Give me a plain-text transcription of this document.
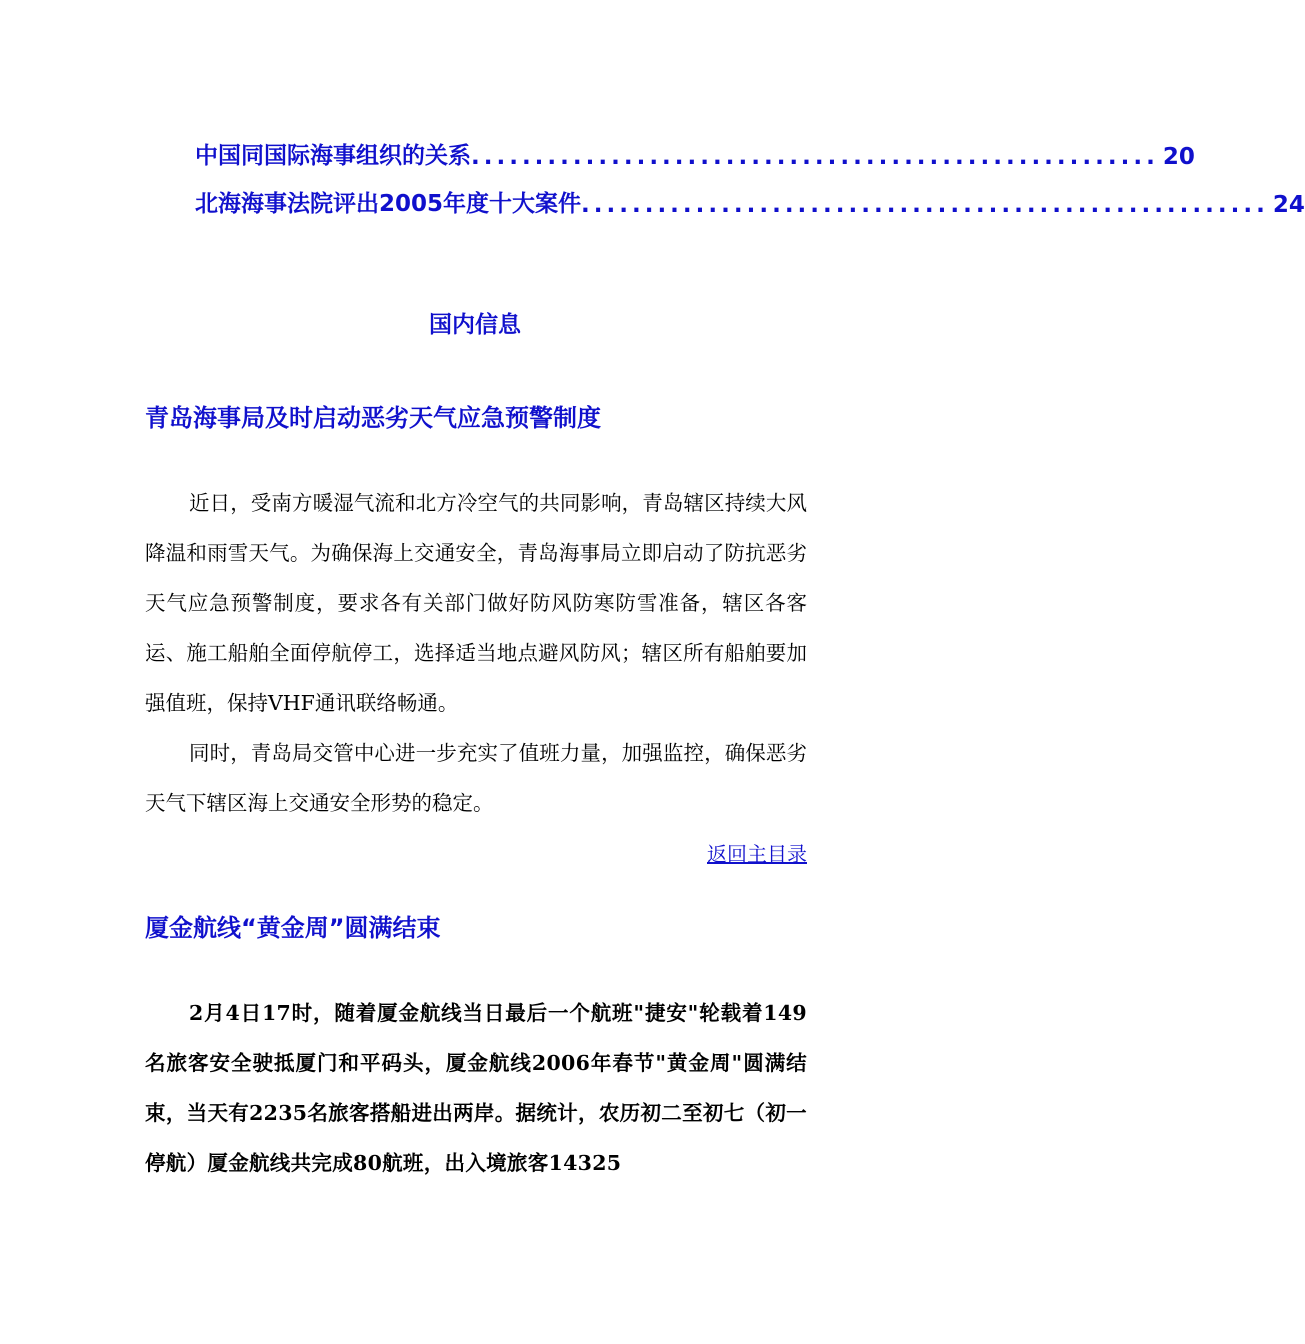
中国同国际海事组织的关系 ...................................................... 20
北海海事法院评出2005年度十大案件 ...................................................... 24
国内信息
青岛海事局及时启动恶劣天气应急预警制度

近日，受南方暖湿气流和北方冷空气的共同影响，青岛辖区持续大风降温和雨雪天气。为确保海上交通安全，青岛海事局立即启动了防抗恶劣天气应急预警制度，要求各有关部门做好防风防寒防雪准备，辖区各客运、施工船舶全面停航停工，选择适当地点避风防风；辖区所有船舶要加强值班，保持VHF通讯联络畅通。

同时，青岛局交管中心进一步充实了值班力量，加强监控，确保恶劣天气下辖区海上交通安全形势的稳定。

返回主目录
厦金航线“黄金周”圆满结束

2月4日17时，随着厦金航线当日最后一个航班"捷安"轮载着149名旅客安全驶抵厦门和平码头，厦金航线2006年春节"黄金周"圆满结束，当天有2235名旅客搭船进出两岸。据统计，农历初二至初七（初一停航）厦金航线共完成80航班，出入境旅客14325
